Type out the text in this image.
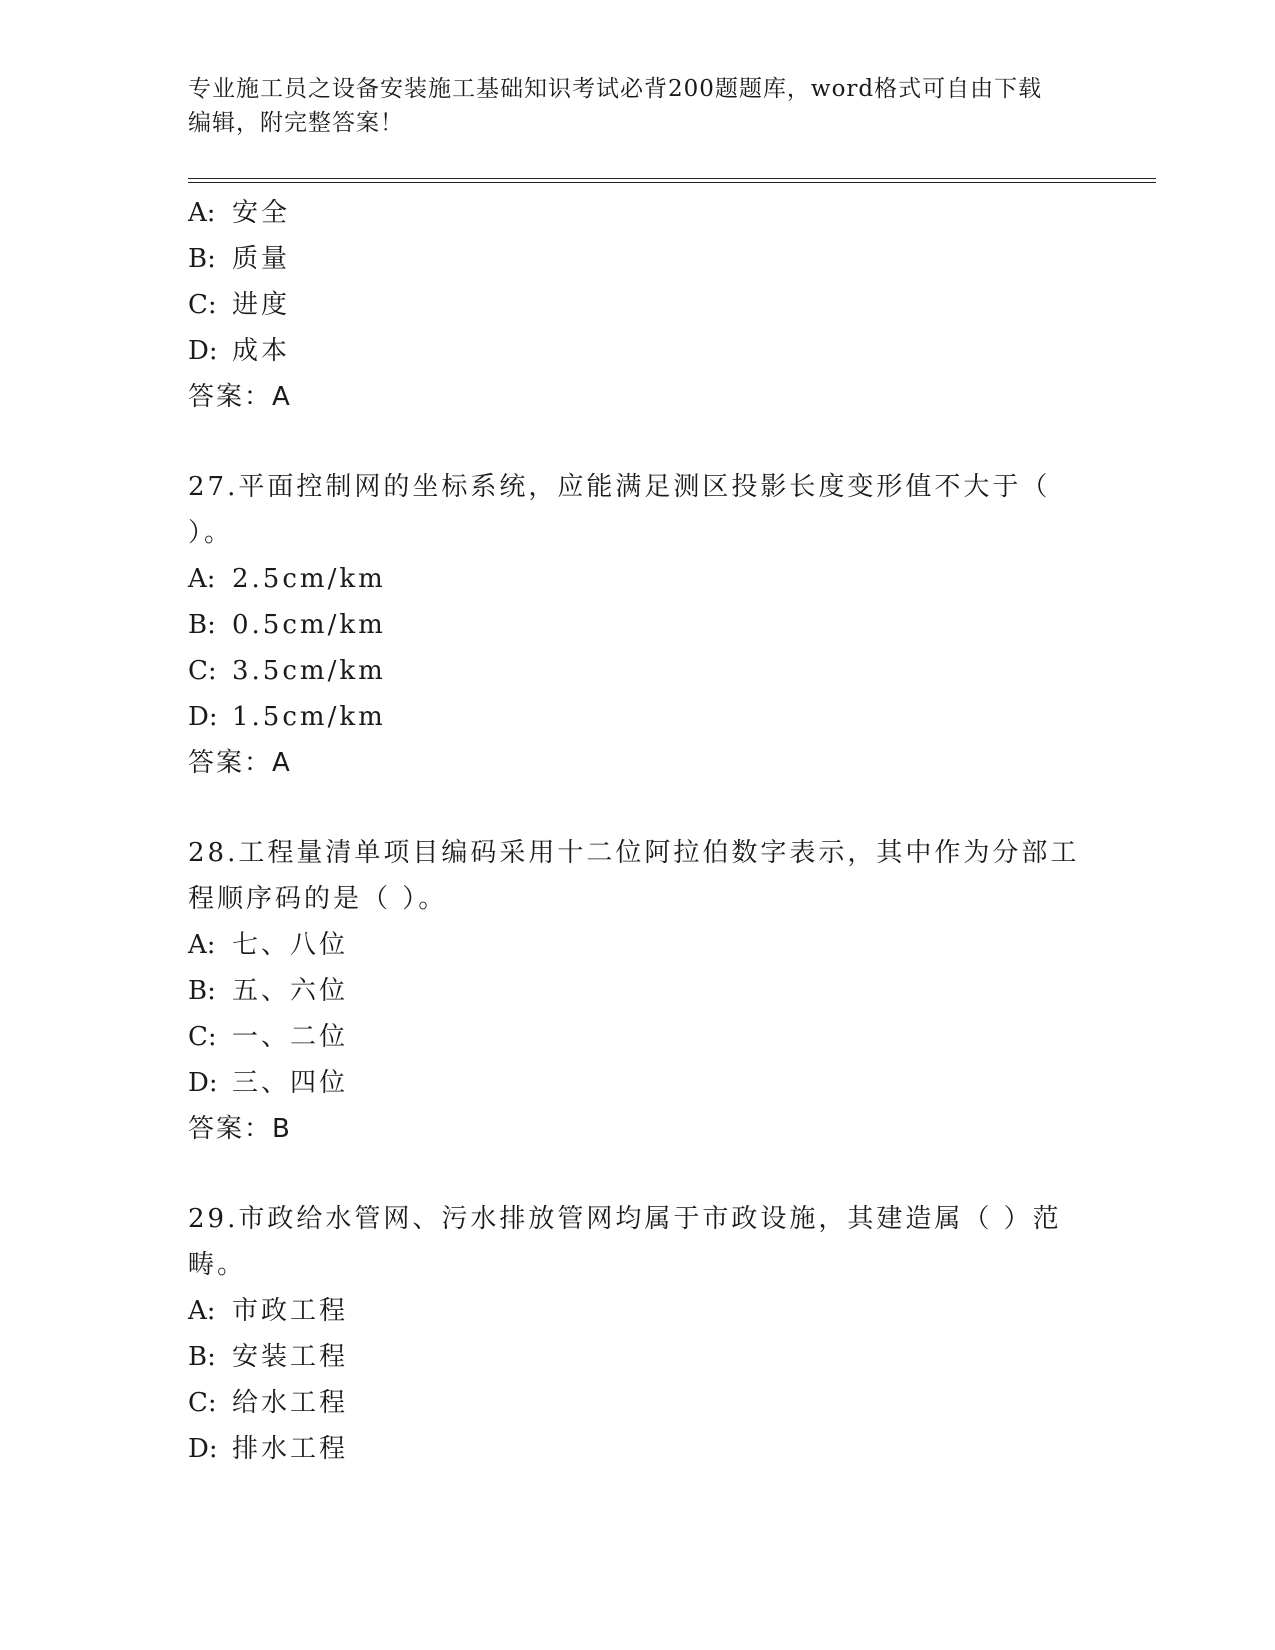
专业施工员之设备安装施工基础知识考试必背200题题库，word格式可自由下载
编辑，附完整答案！
A: 安全
B: 质量
C: 进度
D: 成本
答案：A
27.平面控制网的坐标系统，应能满足测区投影长度变形值不大于（
）。
A: 2.5cm/km
B: 0.5cm/km
C: 3.5cm/km
D: 1.5cm/km
答案：A
28.工程量清单项目编码采用十二位阿拉伯数字表示，其中作为分部工
程顺序码的是（ ）。
A: 七、八位
B: 五、六位
C: 一、二位
D: 三、四位
答案：B
29.市政给水管网、污水排放管网均属于市政设施，其建造属（ ）范
畴。
A: 市政工程
B: 安装工程
C: 给水工程
D: 排水工程
